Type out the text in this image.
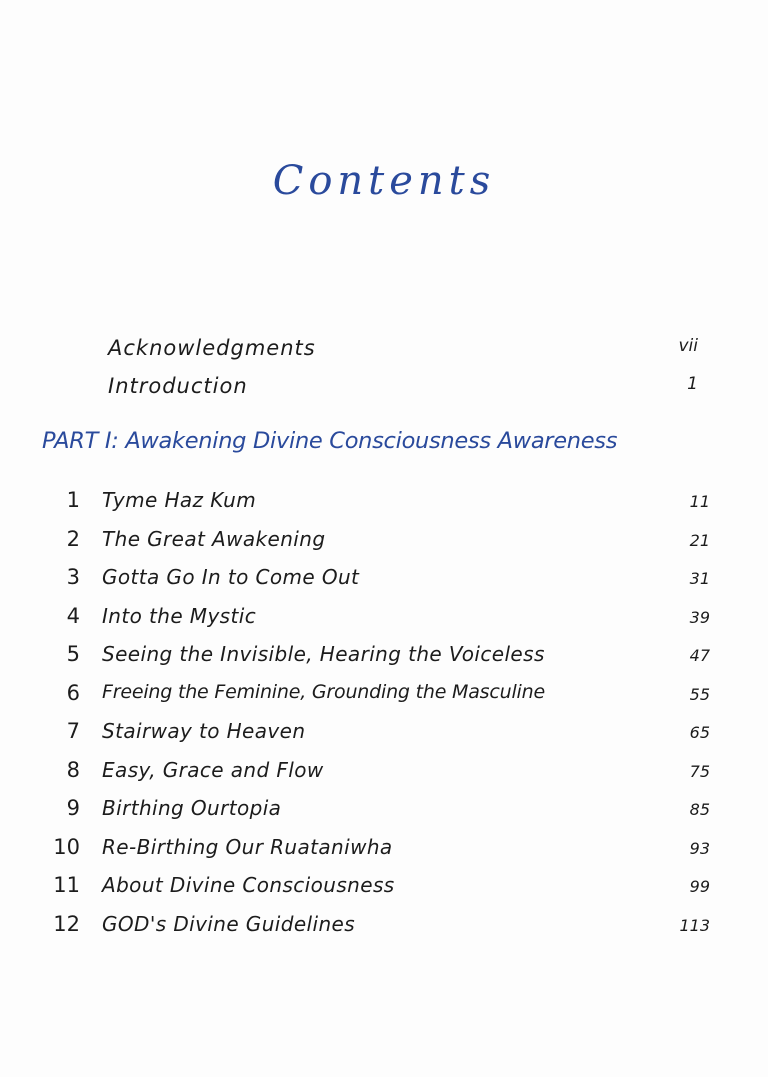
Contents
Acknowledgments	vii
Introduction	1
PART I: Awakening Divine Consciousness Awareness
1 Tyme Haz Kum	11
2 The Great Awakening	21
3 Gotta Go In to Come Out	31
4 Into the Mystic	39
5 Seeing the Invisible, Hearing the Voiceless	47
6 Freeing the Feminine, Grounding the Masculine	55
7 Stairway to Heaven	65
8 Easy, Grace and Flow	75
9 Birthing Ourtopia	85
10 Re-Birthing Our Ruataniwha	93
11 About Divine Consciousness	99
12 GOD's Divine Guidelines	113
